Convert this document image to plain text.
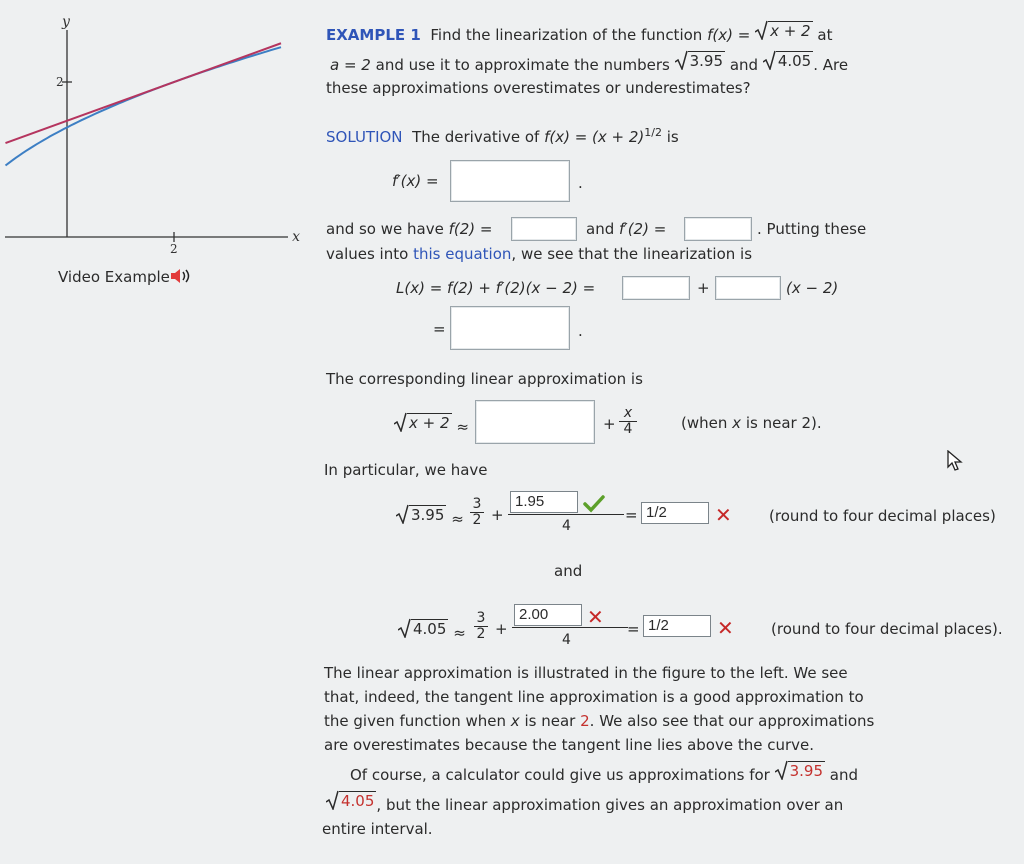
y
x
2
2
Video Example
EXAMPLE 1 Find the linearization of the function f(x) = x + 2 at
a = 2 and use it to approximate the numbers 3.95 and 4.05 . Are
these approximations overestimates or underestimates?
SOLUTION The derivative of $f(x) = (x + 2)^{1/2}$ is
f′(x) =	.
and so we have f(2) =	and f′(2) =	. Putting these
values into this equation, we see that the linearization is
L(x) = f(2) + f′(2)(x − 2) =	+	(x − 2)
=	.
The corresponding linear approximation is
x + 2 ≈	+ $\frac{x}{4}$	(when x is near 2).
In particular, we have
$3.95 \approx \frac{3}{2}$ +
1.95
4
= 1/2	✕ (round to four decimal places)
and
$4.05 \approx \frac{3}{2}$ +
2.00	✕
4
= 1/2	✕ (round to four decimal places).
The linear approximation is illustrated in the figure to the left. We see
that, indeed, the tangent line approximation is a good approximation to
the given function when x is near 2. We also see that our approximations
are overestimates because the tangent line lies above the curve.
Of course, a calculator could give us approximations for 3.95 and
4.05 , but the linear approximation gives an approximation over an
entire interval.
